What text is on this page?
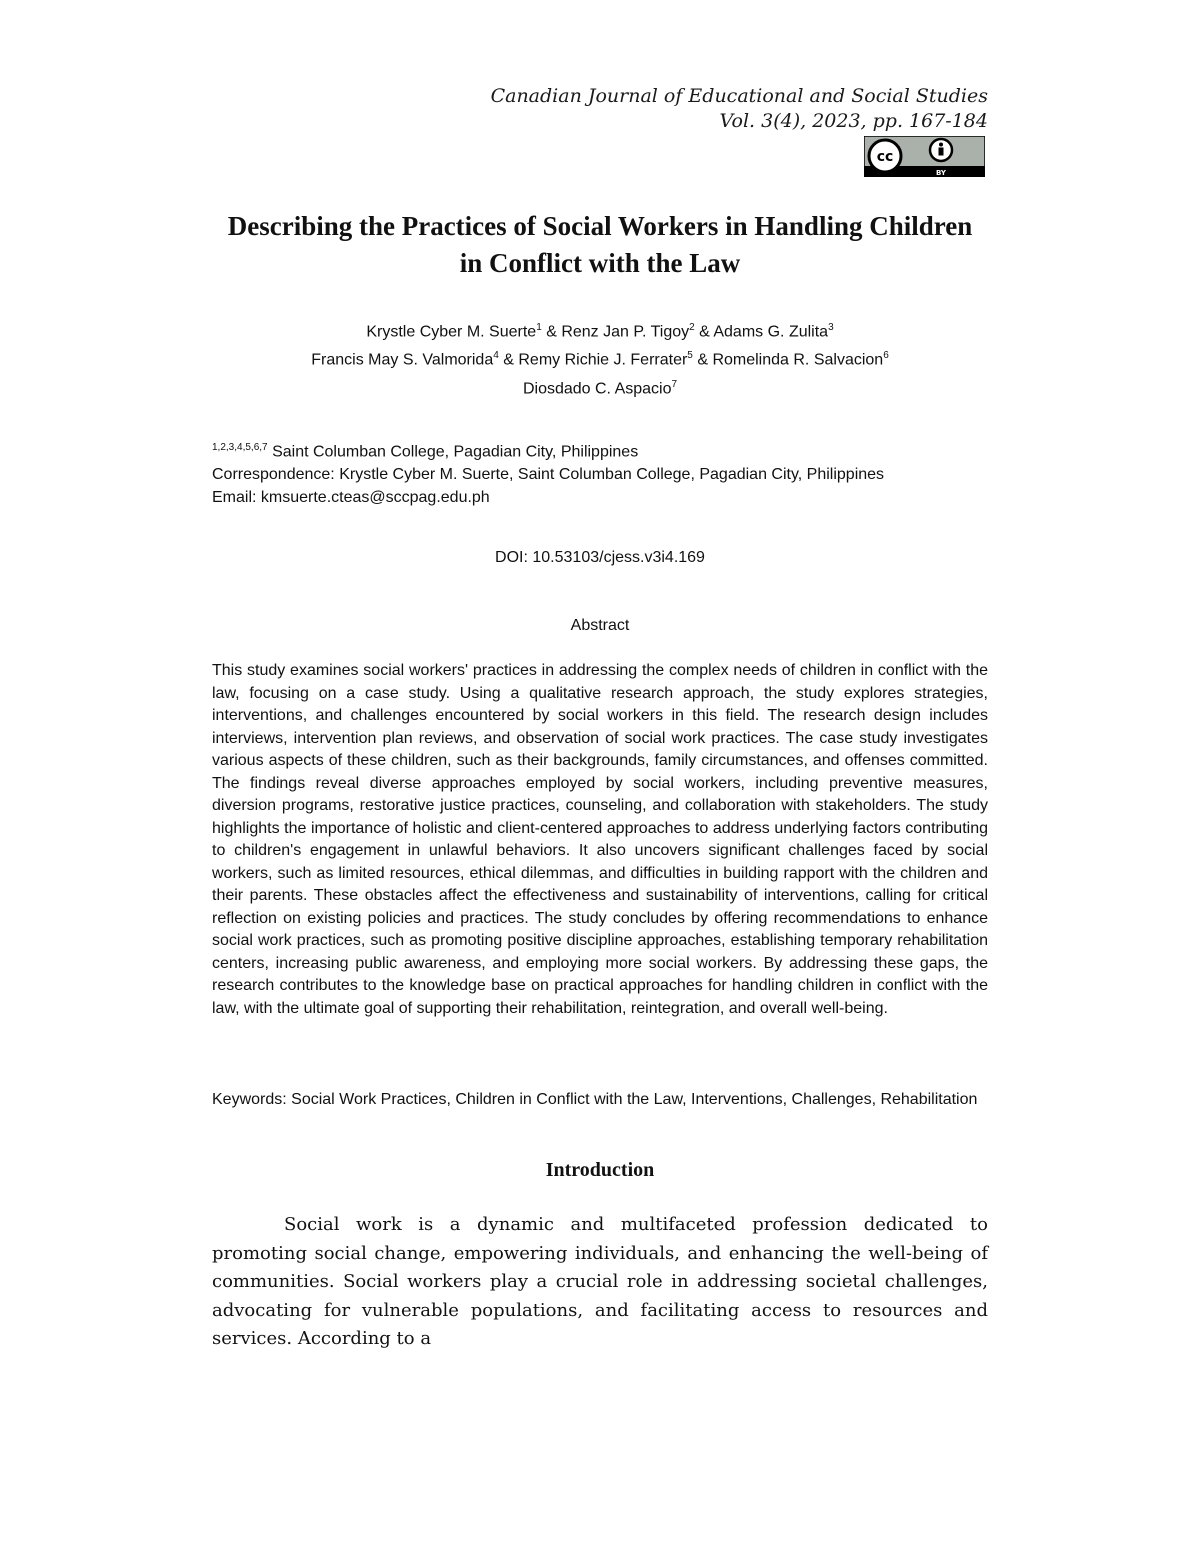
Canadian Journal of Educational and Social Studies
Vol. 3(4), 2023, pp. 167-184
cc
BY
Describing the Practices of Social Workers in Handling Children
in Conflict with the Law
Krystle Cyber M. Suerte$^1$ & Renz Jan P. Tigoy$^2$ & Adams G. Zulita$^3$
Francis May S. Valmorida$^4$ & Remy Richie J. Ferrater$^5$ & Romelinda R. Salvacion$^6$
Diosdado C. Aspacio$^7$
$^{1,2,3,4,5,6,7}$ Saint Columban College, Pagadian City, Philippines
Correspondence: Krystle Cyber M. Suerte, Saint Columban College, Pagadian City, Philippines
Email: kmsuerte.cteas@sccpag.edu.ph
DOI: 10.53103/cjess.v3i4.169
Abstract

This study examines social workers' practices in addressing the complex needs of children in conflict with the law, focusing on a case study. Using a qualitative research approach, the study explores strategies, interventions, and challenges encountered by social workers in this field. The research design includes interviews, intervention plan reviews, and observation of social work practices. The case study investigates various aspects of these children, such as their backgrounds, family circumstances, and offenses committed. The findings reveal diverse approaches employed by social workers, including preventive measures, diversion programs, restorative justice practices, counseling, and collaboration with stakeholders. The study highlights the importance of holistic and client-centered approaches to address underlying factors contributing to children's engagement in unlawful behaviors. It also uncovers significant challenges faced by social workers, such as limited resources, ethical dilemmas, and difficulties in building rapport with the children and their parents. These obstacles affect the effectiveness and sustainability of interventions, calling for critical reflection on existing policies and practices. The study concludes by offering recommendations to enhance social work practices, such as promoting positive discipline approaches, establishing temporary rehabilitation centers, increasing public awareness, and employing more social workers. By addressing these gaps, the research contributes to the knowledge base on practical approaches for handling children in conflict with the law, with the ultimate goal of supporting their rehabilitation, reintegration, and overall well-being.

Keywords: Social Work Practices, Children in Conflict with the Law, Interventions, Challenges, Rehabilitation

Introduction

Social work is a dynamic and multifaceted profession dedicated to promoting social change, empowering individuals, and enhancing the well-being of communities. Social workers play a crucial role in addressing societal challenges, advocating for vulnerable populations, and facilitating access to resources and services. According to a
